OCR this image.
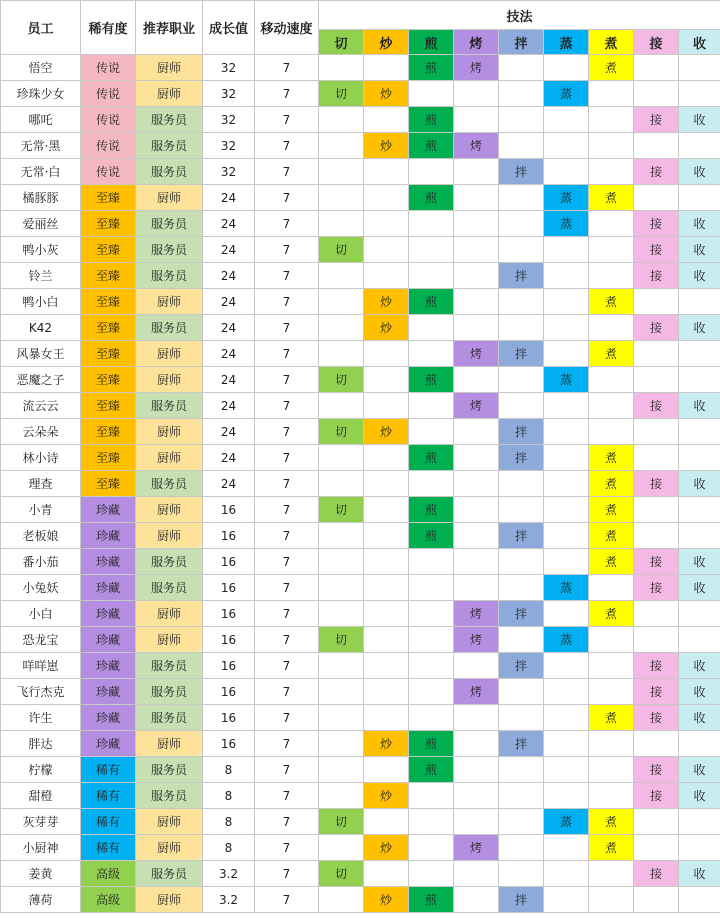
员工	稀有度	推荐职业	成长值	移动速度	技法								
					切	炒	煎	烤	拌	蒸	煮	接	收
悟空	传说	厨师	32	7			煎	烤			煮		
珍珠少女	传说	厨师	32	7	切	炒				蒸			
哪吒	传说	服务员	32	7			煎					接	收
无常·黑	传说	服务员	32	7		炒	煎	烤					
无常·白	传说	服务员	32	7					拌			接	收
橘豚豚	至臻	厨师	24	7			煎			蒸	煮		
爱丽丝	至臻	服务员	24	7						蒸		接	收
鸭小灰	至臻	服务员	24	7	切							接	收
铃兰	至臻	服务员	24	7					拌			接	收
鸭小白	至臻	厨师	24	7		炒	煎				煮		
K42	至臻	服务员	24	7		炒						接	收
风暴女王	至臻	厨师	24	7				烤	拌		煮		
恶魔之子	至臻	厨师	24	7	切		煎			蒸			
流云云	至臻	服务员	24	7				烤				接	收
云朵朵	至臻	厨师	24	7	切	炒			拌				
林小诗	至臻	厨师	24	7			煎		拌		煮		
理查	至臻	服务员	24	7							煮	接	收
小青	珍藏	厨师	16	7	切		煎				煮		
老板娘	珍藏	厨师	16	7			煎		拌		煮		
番小茄	珍藏	服务员	16	7							煮	接	收
小兔妖	珍藏	服务员	16	7						蒸		接	收
小白	珍藏	厨师	16	7				烤	拌		煮		
恐龙宝	珍藏	厨师	16	7	切			烤		蒸			
咩咩崽	珍藏	服务员	16	7					拌			接	收
飞行杰克	珍藏	服务员	16	7				烤				接	收
许生	珍藏	服务员	16	7							煮	接	收
胖达	珍藏	厨师	16	7		炒	煎		拌				
柠檬	稀有	服务员	8	7			煎					接	收
甜橙	稀有	服务员	8	7		炒						接	收
灰芽芽	稀有	厨师	8	7	切					蒸	煮		
小厨神	稀有	厨师	8	7		炒		烤			煮		
姜黄	高级	服务员	3.2	7	切							接	收
薄荷	高级	厨师	3.2	7		炒	煎		拌				
